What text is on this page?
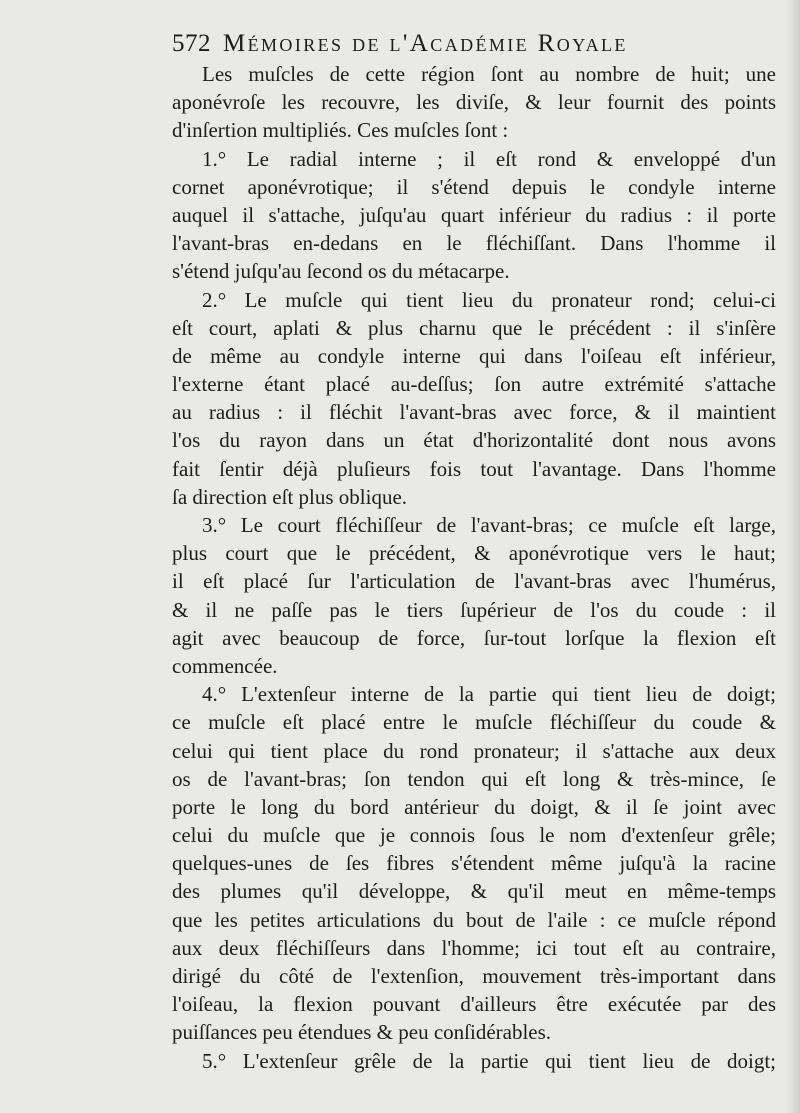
572 Mémoires de l'Académie Royale
Les muſcles de cette région ſont au nombre de huit; une
aponévroſe les recouvre, les diviſe, & leur fournit des points
d'inſertion multipliés. Ces muſcles ſont :
1.° Le radial interne ; il eſt rond & enveloppé d'un
cornet aponévrotique; il s'étend depuis le condyle interne
auquel il s'attache, juſqu'au quart inférieur du radius : il porte
l'avant-bras en-dedans en le fléchiſſant. Dans l'homme il
s'étend juſqu'au ſecond os du métacarpe.
2.° Le muſcle qui tient lieu du pronateur rond; celui-ci
eſt court, aplati & plus charnu que le précédent : il s'inſère
de même au condyle interne qui dans l'oiſeau eſt inférieur,
l'externe étant placé au-deſſus; ſon autre extrémité s'attache
au radius : il fléchit l'avant-bras avec force, & il maintient
l'os du rayon dans un état d'horizontalité dont nous avons
fait ſentir déjà pluſieurs fois tout l'avantage. Dans l'homme
ſa direction eſt plus oblique.
3.° Le court fléchiſſeur de l'avant-bras; ce muſcle eſt large,
plus court que le précédent, & aponévrotique vers le haut;
il eſt placé ſur l'articulation de l'avant-bras avec l'humérus,
& il ne paſſe pas le tiers ſupérieur de l'os du coude : il
agit avec beaucoup de force, ſur-tout lorſque la flexion eſt
commencée.
4.° L'extenſeur interne de la partie qui tient lieu de doigt;
ce muſcle eſt placé entre le muſcle fléchiſſeur du coude &
celui qui tient place du rond pronateur; il s'attache aux deux
os de l'avant-bras; ſon tendon qui eſt long & très-mince, ſe
porte le long du bord antérieur du doigt, & il ſe joint avec
celui du muſcle que je connois ſous le nom d'extenſeur grêle;
quelques-unes de ſes fibres s'étendent même juſqu'à la racine
des plumes qu'il développe, & qu'il meut en même-temps
que les petites articulations du bout de l'aile : ce muſcle répond
aux deux fléchiſſeurs dans l'homme; ici tout eſt au contraire,
dirigé du côté de l'extenſion, mouvement très-important dans
l'oiſeau, la flexion pouvant d'ailleurs être exécutée par des
puiſſances peu étendues & peu conſidérables.
5.° L'extenſeur grêle de la partie qui tient lieu de doigt;
